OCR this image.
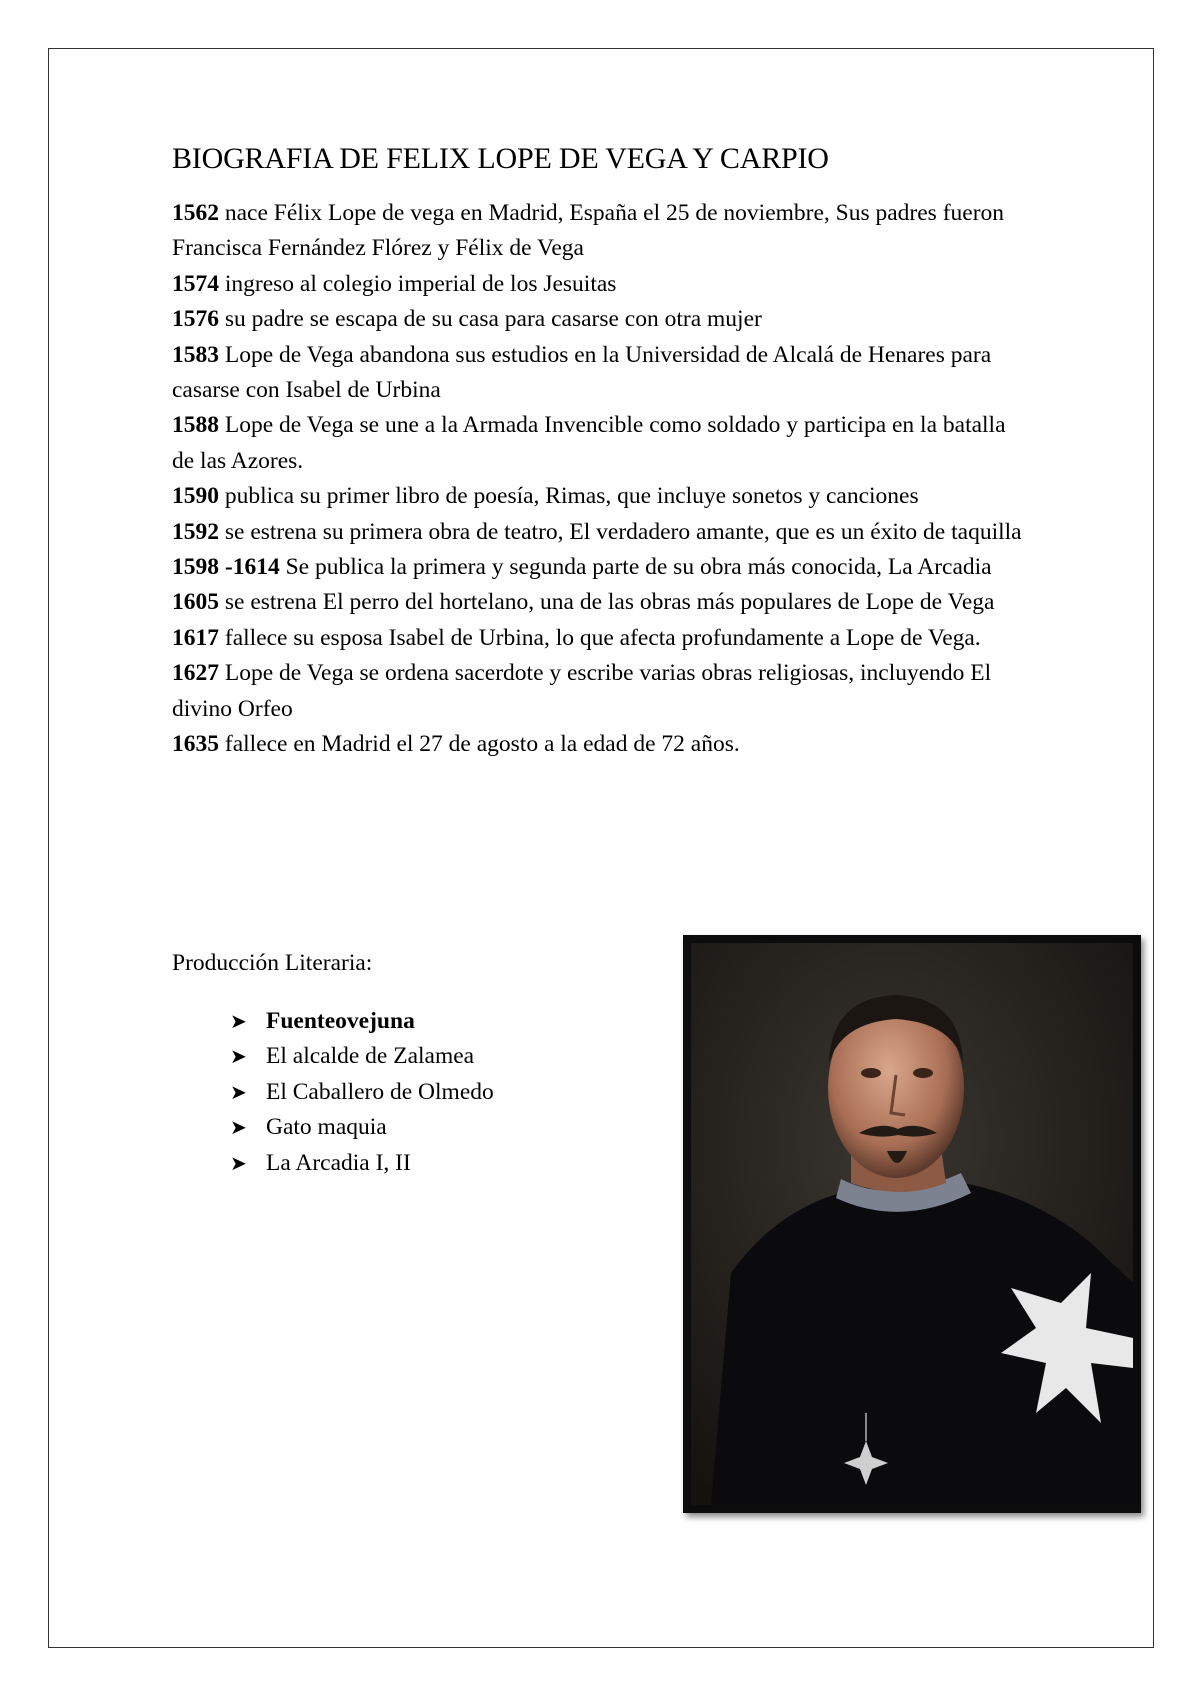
BIOGRAFIA DE FELIX LOPE DE VEGA Y CARPIO
1562 nace Félix Lope de vega en Madrid, España el 25 de noviembre, Sus padres fueron Francisca Fernández Flórez y Félix de Vega
1574 ingreso al colegio imperial de los Jesuitas
1576 su padre se escapa de su casa para casarse con otra mujer
1583 Lope de Vega abandona sus estudios en la Universidad de Alcalá de Henares para casarse con Isabel de Urbina
1588 Lope de Vega se une a la Armada Invencible como soldado y participa en la batalla de las Azores.
1590 publica su primer libro de poesía, Rimas, que incluye sonetos y canciones
1592 se estrena su primera obra de teatro, El verdadero amante, que es un éxito de taquilla
1598 -1614 Se publica la primera y segunda parte de su obra más conocida, La Arcadia
1605 se estrena El perro del hortelano, una de las obras más populares de Lope de Vega
1617 fallece su esposa Isabel de Urbina, lo que afecta profundamente a Lope de Vega.
1627 Lope de Vega se ordena sacerdote y escribe varias obras religiosas, incluyendo El divino Orfeo
1635 fallece en Madrid el 27 de agosto a la edad de 72 años.

Producción Literaria:

➤ Fuenteovejuna
➤ El alcalde de Zalamea
➤ El Caballero de Olmedo
➤ Gato maquia
➤ La Arcadia I, II
